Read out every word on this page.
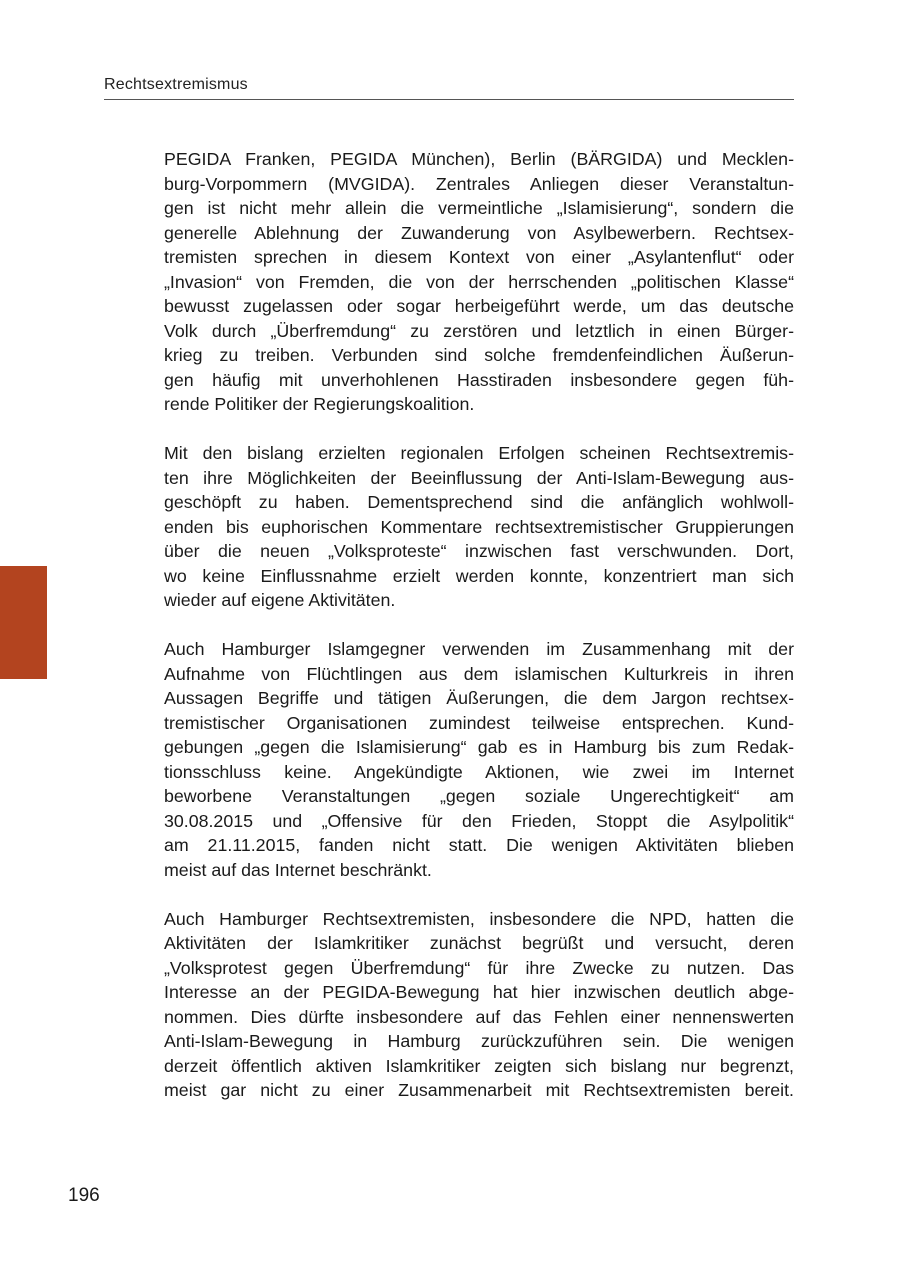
Rechtsextremismus
PEGIDA Franken, PEGIDA München), Berlin (BÄRGIDA) und Mecklen-
burg-Vorpommern (MVGIDA). Zentrales Anliegen dieser Veranstaltun-
gen ist nicht mehr allein die vermeintliche „Islamisierung“, sondern die
generelle Ablehnung der Zuwanderung von Asylbewerbern. Rechtsex-
tremisten sprechen in diesem Kontext von einer „Asylantenflut“ oder
„Invasion“ von Fremden, die von der herrschenden „politischen Klasse“
bewusst zugelassen oder sogar herbeigeführt werde, um das deutsche
Volk durch „Überfremdung“ zu zerstören und letztlich in einen Bürger-
krieg zu treiben. Verbunden sind solche fremdenfeindlichen Äußerun-
gen häufig mit unverhohlenen Hasstiraden insbesondere gegen füh-
rende Politiker der Regierungskoalition.
Mit den bislang erzielten regionalen Erfolgen scheinen Rechtsextremis-
ten ihre Möglichkeiten der Beeinflussung der Anti-Islam-Bewegung aus-
geschöpft zu haben. Dementsprechend sind die anfänglich wohlwoll-
enden bis euphorischen Kommentare rechtsextremistischer Gruppierungen
über die neuen „Volksproteste“ inzwischen fast verschwunden. Dort,
wo keine Einflussnahme erzielt werden konnte, konzentriert man sich
wieder auf eigene Aktivitäten.
Auch Hamburger Islamgegner verwenden im Zusammenhang mit der
Aufnahme von Flüchtlingen aus dem islamischen Kulturkreis in ihren
Aussagen Begriffe und tätigen Äußerungen, die dem Jargon rechtsex-
tremistischer Organisationen zumindest teilweise entsprechen. Kund-
gebungen „gegen die Islamisierung“ gab es in Hamburg bis zum Redak-
tionsschluss keine. Angekündigte Aktionen, wie zwei im Internet
beworbene Veranstaltungen „gegen soziale Ungerechtigkeit“ am
30.08.2015 und „Offensive für den Frieden, Stoppt die Asylpolitik“
am 21.11.2015, fanden nicht statt. Die wenigen Aktivitäten blieben
meist auf das Internet beschränkt.
Auch Hamburger Rechtsextremisten, insbesondere die NPD, hatten die
Aktivitäten der Islamkritiker zunächst begrüßt und versucht, deren
„Volksprotest gegen Überfremdung“ für ihre Zwecke zu nutzen. Das
Interesse an der PEGIDA-Bewegung hat hier inzwischen deutlich abge-
nommen. Dies dürfte insbesondere auf das Fehlen einer nennenswerten
Anti-Islam-Bewegung in Hamburg zurückzuführen sein. Die wenigen
derzeit öffentlich aktiven Islamkritiker zeigten sich bislang nur begrenzt,
meist gar nicht zu einer Zusammenarbeit mit Rechtsextremisten bereit.
196
